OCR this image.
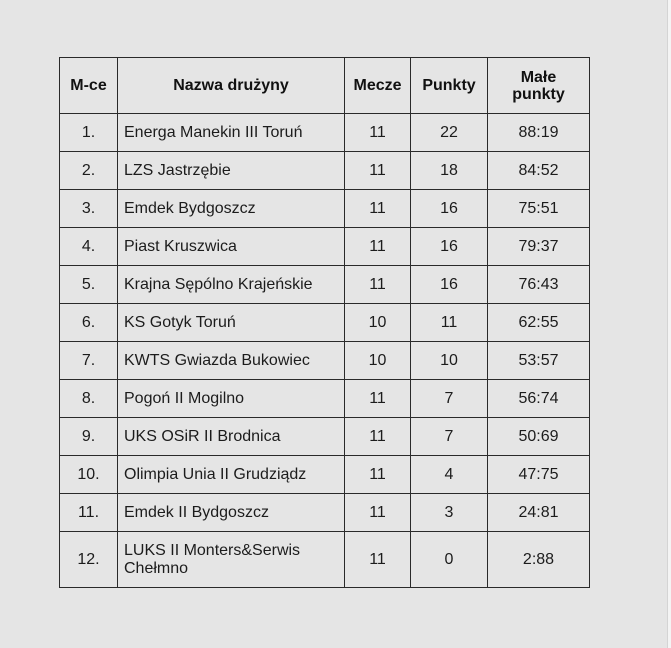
M-ce	Nazwa drużyny	Mecze	Punkty	Małe
punkty
1.	Energa Manekin III Toruń	11	22	88:19
2.	LZS Jastrzębie	11	18	84:52
3.	Emdek Bydgoszcz	11	16	75:51
4.	Piast Kruszwica	11	16	79:37
5.	Krajna Sępólno Krajeńskie	11	16	76:43
6.	KS Gotyk Toruń	10	11	62:55
7.	KWTS Gwiazda Bukowiec	10	10	53:57
8.	Pogoń II Mogilno	11	7	56:74
9.	UKS OSiR II Brodnica	11	7	50:69
10.	Olimpia Unia II Grudziądz	11	4	47:75
11.	Emdek II Bydgoszcz	11	3	24:81
12.	LUKS II Monters&Serwis Chełmno	11	0	2:88
